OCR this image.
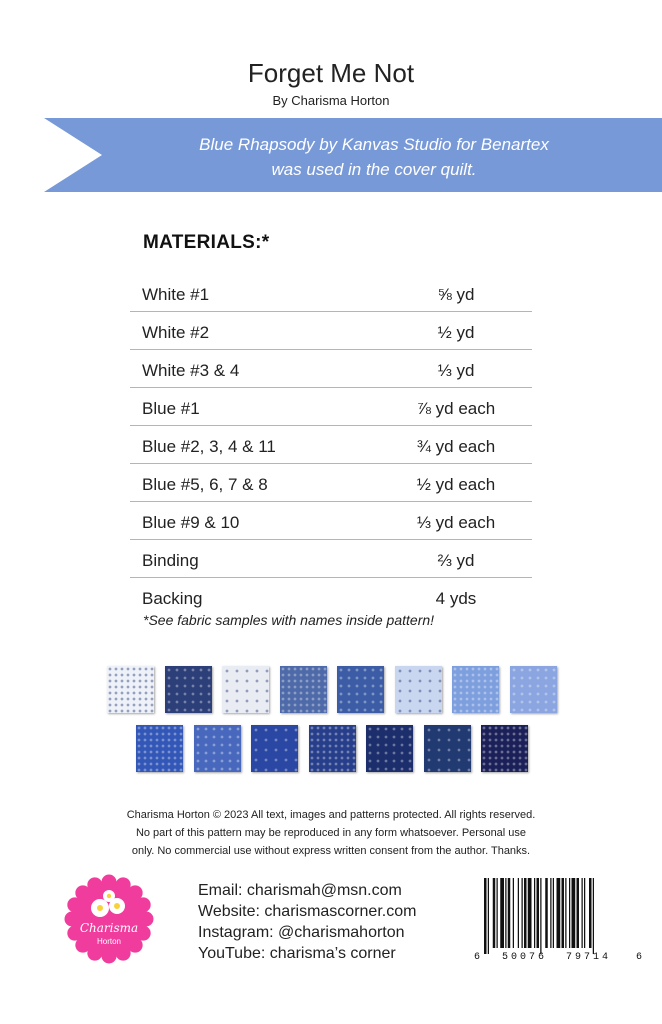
Forget Me Not
By Charisma Horton
Blue Rhapsody by Kanvas Studio for Benartex
was used in the cover quilt.
MATERIALS:*
White #1	⅝ yd
White #2	½ yd
White #3 & 4	⅓ yd
Blue #1	⅞ yd each
Blue #2, 3, 4 & 11	¾ yd each
Blue #5, 6, 7 & 8	½ yd each
Blue #9 & 10	⅓ yd each
Binding	⅔ yd
Backing	4 yds
*See fabric samples with names inside pattern!
Charisma Horton © 2023 All text, images and patterns protected. All rights reserved.
No part of this pattern may be reproduced in any form whatsoever. Personal use
only. No commercial use without express written consent from the author. Thanks.
Charisma
Horton
Email: charismah@msn.com
Website: charismascorner.com
Instagram: @charismahorton
YouTube: charisma’s corner	6 50076 79714 6
